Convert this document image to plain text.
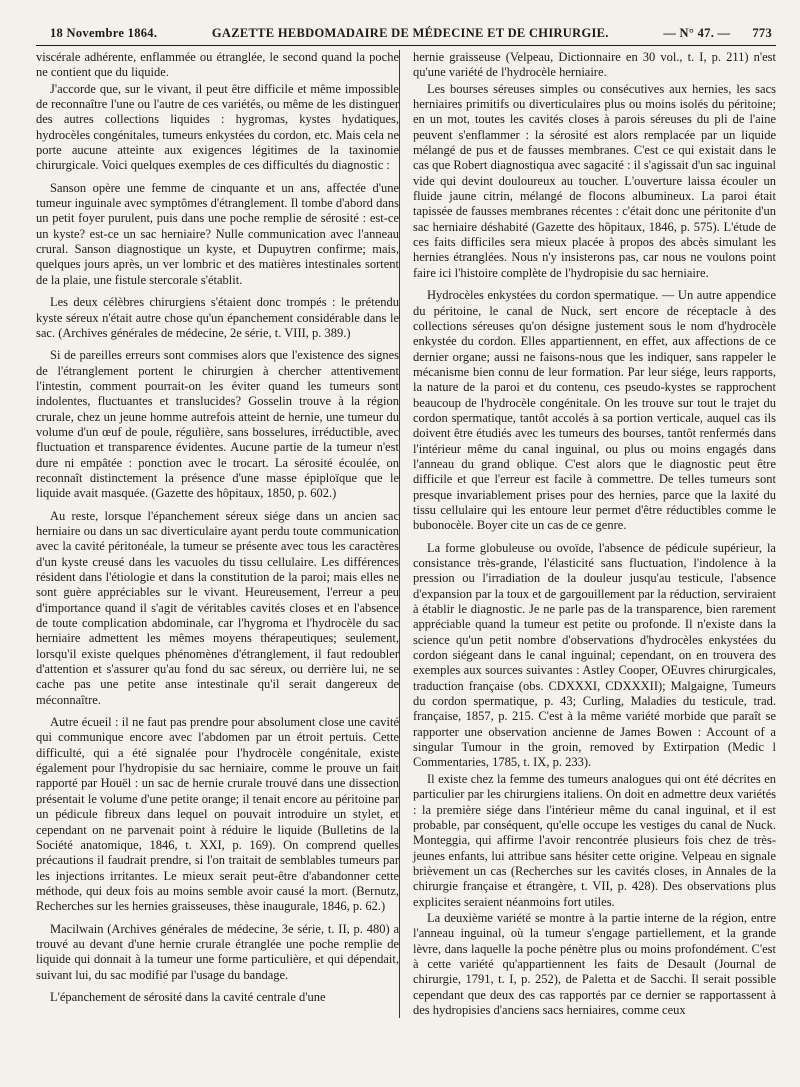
18 Novembre 1864.	GAZETTE HEBDOMADAIRE DE MÉDECINE ET DE CHIRURGIE.	— N° 47. — 773

viscérale adhérente, enflammée ou étranglée, le second quand la poche ne contient que du liquide.

J'accorde que, sur le vivant, il peut être difficile et même impossible de reconnaître l'une ou l'autre de ces variétés, ou même de les distinguer des autres collections liquides : hygromas, kystes hydatiques, hydrocèles congénitales, tumeurs enkystées du cordon, etc. Mais cela ne porte aucune atteinte aux exigences légitimes de la taxinomie chirurgicale. Voici quelques exemples de ces difficultés du diagnostic :

Sanson opère une femme de cinquante et un ans, affectée d'une tumeur inguinale avec symptômes d'étranglement. Il tombe d'abord dans un petit foyer purulent, puis dans une poche remplie de sérosité : est-ce un kyste? est-ce un sac herniaire? Nulle communication avec l'anneau crural. Sanson diagnostique un kyste, et Dupuytren confirme; mais, quelques jours après, un ver lombric et des matières intestinales sortent de la plaie, une fistule stercorale s'établit.

Les deux célèbres chirurgiens s'étaient donc trompés : le prétendu kyste séreux n'était autre chose qu'un épanchement considérable dans le sac. (Archives générales de médecine, 2e série, t. VIII, p. 389.)

Si de pareilles erreurs sont commises alors que l'existence des signes de l'étranglement portent le chirurgien à chercher attentivement l'intestin, comment pourrait-on les éviter quand les tumeurs sont indolentes, fluctuantes et translucides? Gosselin trouve à la région crurale, chez un jeune homme autrefois atteint de hernie, une tumeur du volume d'un œuf de poule, régulière, sans bosselures, irréductible, avec fluctuation et transparence évidentes. Aucune partie de la tumeur n'est dure ni empâtée : ponction avec le trocart. La sérosité écoulée, on reconnaît distinctement la présence d'une masse épiploïque que le liquide avait masquée. (Gazette des hôpitaux, 1850, p. 602.)

Au reste, lorsque l'épanchement séreux siége dans un ancien sac herniaire ou dans un sac diverticulaire ayant perdu toute communication avec la cavité péritonéale, la tumeur se présente avec tous les caractères d'un kyste creusé dans les vacuoles du tissu cellulaire. Les différences résident dans l'étiologie et dans la constitution de la paroi; mais elles ne sont guère appréciables sur le vivant. Heureusement, l'erreur a peu d'importance quand il s'agit de véritables cavités closes et en l'absence de toute complication abdominale, car l'hygroma et l'hydrocèle du sac herniaire admettent les mêmes moyens thérapeutiques; seulement, lorsqu'il existe quelques phénomènes d'étranglement, il faut redoubler d'attention et s'assurer qu'au fond du sac séreux, ou derrière lui, ne se cache pas une petite anse intestinale qu'il serait dangereux de méconnaître.

Autre écueil : il ne faut pas prendre pour absolument close une cavité qui communique encore avec l'abdomen par un étroit pertuis. Cette difficulté, qui a été signalée pour l'hydrocèle congénitale, existe également pour l'hydropisie du sac herniaire, comme le prouve un fait rapporté par Houël : un sac de hernie crurale trouvé dans une dissection présentait le volume d'une petite orange; il tenait encore au péritoine par un pédicule fibreux dans lequel on pouvait introduire un stylet, et cependant on ne parvenait point à réduire le liquide (Bulletins de la Société anatomique, 1846, t. XXI, p. 169). On comprend quelles précautions il faudrait prendre, si l'on traitait de semblables tumeurs par les injections irritantes. Le mieux serait peut-être d'abandonner cette méthode, qui deux fois au moins semble avoir causé la mort. (Bernutz, Recherches sur les hernies graisseuses, thèse inaugurale, 1846, p. 62.)

Macilwain (Archives générales de médecine, 3e série, t. II, p. 480) a trouvé au devant d'une hernie crurale étranglée une poche remplie de liquide qui donnait à la tumeur une forme particulière, et qui dépendait, suivant lui, du sac modifié par l'usage du bandage.

L'épanchement de sérosité dans la cavité centrale d'une

hernie graisseuse (Velpeau, Dictionnaire en 30 vol., t. I, p. 211) n'est qu'une variété de l'hydrocèle herniaire.

Les bourses séreuses simples ou consécutives aux hernies, les sacs herniaires primitifs ou diverticulaires plus ou moins isolés du péritoine; en un mot, toutes les cavités closes à parois séreuses du pli de l'aine peuvent s'enflammer : la sérosité est alors remplacée par un liquide mélangé de pus et de fausses membranes. C'est ce qui existait dans le cas que Robert diagnostiqua avec sagacité : il s'agissait d'un sac inguinal vide qui devint douloureux au toucher. L'ouverture laissa écouler un fluide jaune citrin, mélangé de flocons albumineux. La paroi était tapissée de fausses membranes récentes : c'était donc une péritonite d'un sac herniaire déshabité (Gazette des hôpitaux, 1846, p. 575). L'étude de ces faits difficiles sera mieux placée à propos des abcès simulant les hernies étranglées. Nous n'y insisterons pas, car nous ne voulons point faire ici l'histoire complète de l'hydropisie du sac herniaire.

Hydrocèles enkystées du cordon spermatique. — Un autre appendice du péritoine, le canal de Nuck, sert encore de réceptacle à des collections séreuses qu'on désigne justement sous le nom d'hydrocèle enkystée du cordon. Elles appartiennent, en effet, aux affections de ce dernier organe; aussi ne faisons-nous que les indiquer, sans rappeler le mécanisme bien connu de leur formation. Par leur siége, leurs rapports, la nature de la paroi et du contenu, ces pseudo-kystes se rapprochent beaucoup de l'hydrocèle congénitale. On les trouve sur tout le trajet du cordon spermatique, tantôt accolés à sa portion verticale, auquel cas ils doivent être étudiés avec les tumeurs des bourses, tantôt renfermés dans l'intérieur même du canal inguinal, ou plus ou moins engagés dans l'anneau du grand oblique. C'est alors que le diagnostic peut être difficile et que l'erreur est facile à commettre. De telles tumeurs sont presque invariablement prises pour des hernies, parce que la laxité du tissu cellulaire qui les entoure leur permet d'être réductibles comme le bubonocèle. Boyer cite un cas de ce genre.

La forme globuleuse ou ovoïde, l'absence de pédicule supérieur, la consistance très-grande, l'élasticité sans fluctuation, l'indolence à la pression ou l'irradiation de la douleur jusqu'au testicule, l'absence d'expansion par la toux et de gargouillement par la réduction, serviraient à établir le diagnostic. Je ne parle pas de la transparence, bien rarement appréciable quand la tumeur est petite ou profonde. Il n'existe dans la science qu'un petit nombre d'observations d'hydrocèles enkystées du cordon siégeant dans le canal inguinal; cependant, on en trouvera des exemples aux sources suivantes : Astley Cooper, OEuvres chirurgicales, traduction française (obs. CDXXXI, CDXXXII); Malgaigne, Tumeurs du cordon spermatique, p. 43; Curling, Maladies du testicule, trad. française, 1857, p. 215. C'est à la même variété morbide que paraît se rapporter une observation ancienne de James Bowen : Account of a singular Tumour in the groin, removed by Extirpation (Medic l Commentaries, 1785, t. IX, p. 233).

Il existe chez la femme des tumeurs analogues qui ont été décrites en particulier par les chirurgiens italiens. On doit en admettre deux variétés : la première siége dans l'intérieur même du canal inguinal, et il est probable, par conséquent, qu'elle occupe les vestiges du canal de Nuck. Monteggia, qui affirme l'avoir rencontrée plusieurs fois chez de très-jeunes enfants, lui attribue sans hésiter cette origine. Velpeau en signale brièvement un cas (Recherches sur les cavités closes, in Annales de la chirurgie française et étrangère, t. VII, p. 428). Des observations plus explicites seraient néanmoins fort utiles.

La deuxième variété se montre à la partie interne de la région, entre l'anneau inguinal, où la tumeur s'engage partiellement, et la grande lèvre, dans laquelle la poche pénètre plus ou moins profondément. C'est à cette variété qu'appartiennent les faits de Desault (Journal de chirurgie, 1791, t. I, p. 252), de Paletta et de Sacchi. Il serait possible cependant que deux des cas rapportés par ce dernier se rapportassent à des hydropisies d'anciens sacs herniaires, comme ceux
